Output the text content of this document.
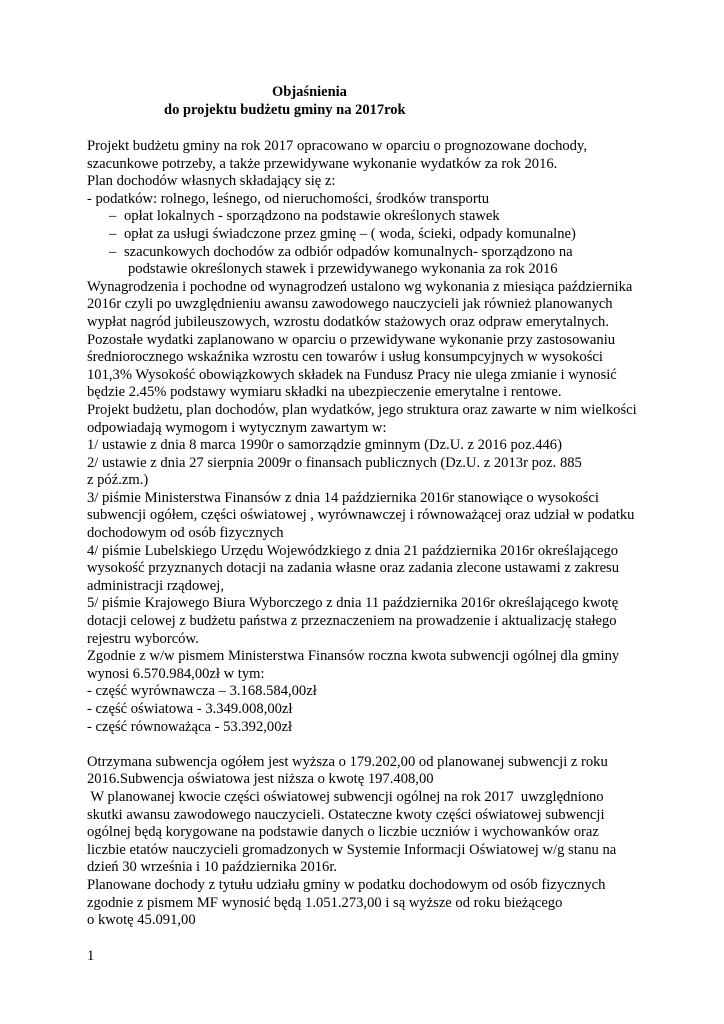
Objaśnienia
do projektu budżetu gminy na 2017rok
Projekt budżetu gminy na rok 2017 opracowano w oparciu o prognozowane dochody,
szacunkowe potrzeby, a także przewidywane wykonanie wydatków za rok 2016.
Plan dochodów własnych składający się z:
- podatków: rolnego, leśnego, od nieruchomości, środków transportu
– opłat lokalnych - sporządzono na podstawie określonych stawek
– opłat za usługi świadczone przez gminę – ( woda, ścieki, odpady komunalne)
– szacunkowych dochodów za odbiór odpadów komunalnych- sporządzono na
podstawie określonych stawek i przewidywanego wykonania za rok 2016
Wynagrodzenia i pochodne od wynagrodzeń ustalono wg wykonania z miesiąca października
2016r czyli po uwzględnieniu awansu zawodowego nauczycieli jak również planowanych
wypłat nagród jubileuszowych, wzrostu dodatków stażowych oraz odpraw emerytalnych.
Pozostałe wydatki zaplanowano w oparciu o przewidywane wykonanie przy zastosowaniu
średniorocznego wskaźnika wzrostu cen towarów i usług konsumpcyjnych w wysokości
101,3% Wysokość obowiązkowych składek na Fundusz Pracy nie ulega zmianie i wynosić
będzie 2.45% podstawy wymiaru składki na ubezpieczenie emerytalne i rentowe.
Projekt budżetu, plan dochodów, plan wydatków, jego struktura oraz zawarte w nim wielkości
odpowiadają wymogom i wytycznym zawartym w:
1/ ustawie z dnia 8 marca 1990r o samorządzie gminnym (Dz.U. z 2016 poz.446)
2/ ustawie z dnia 27 sierpnia 2009r o finansach publicznych (Dz.U. z 2013r poz. 885
z póź.zm.)
3/ piśmie Ministerstwa Finansów z dnia 14 października 2016r stanowiące o wysokości
subwencji ogółem, części oświatowej , wyrównawczej i równoważącej oraz udział w podatku
dochodowym od osób fizycznych
4/ piśmie Lubelskiego Urzędu Wojewódzkiego z dnia 21 października 2016r określającego
wysokość przyznanych dotacji na zadania własne oraz zadania zlecone ustawami z zakresu
administracji rządowej,
5/ piśmie Krajowego Biura Wyborczego z dnia 11 października 2016r określającego kwotę
dotacji celowej z budżetu państwa z przeznaczeniem na prowadzenie i aktualizację stałego
rejestru wyborców.
Zgodnie z w/w pismem Ministerstwa Finansów roczna kwota subwencji ogólnej dla gminy
wynosi 6.570.984,00zł w tym:
- część wyrównawcza – 3.168.584,00zł
- część oświatowa - 3.349.008,00zł
- część równoważąca - 53.392,00zł
Otrzymana subwencja ogółem jest wyższa o 179.202,00 od planowanej subwencji z roku
2016.Subwencja oświatowa jest niższa o kwotę 197.408,00
W planowanej kwocie części oświatowej subwencji ogólnej na rok 2017  uwzględniono
skutki awansu zawodowego nauczycieli. Ostateczne kwoty części oświatowej subwencji
ogólnej będą korygowane na podstawie danych o liczbie uczniów i wychowanków oraz
liczbie etatów nauczycieli gromadzonych w Systemie Informacji Oświatowej w/g stanu na
dzień 30 września i 10 października 2016r.
Planowane dochody z tytułu udziału gminy w podatku dochodowym od osób fizycznych
zgodnie z pismem MF wynosić będą 1.051.273,00 i są wyższe od roku bieżącego
o kwotę 45.091,00
1
